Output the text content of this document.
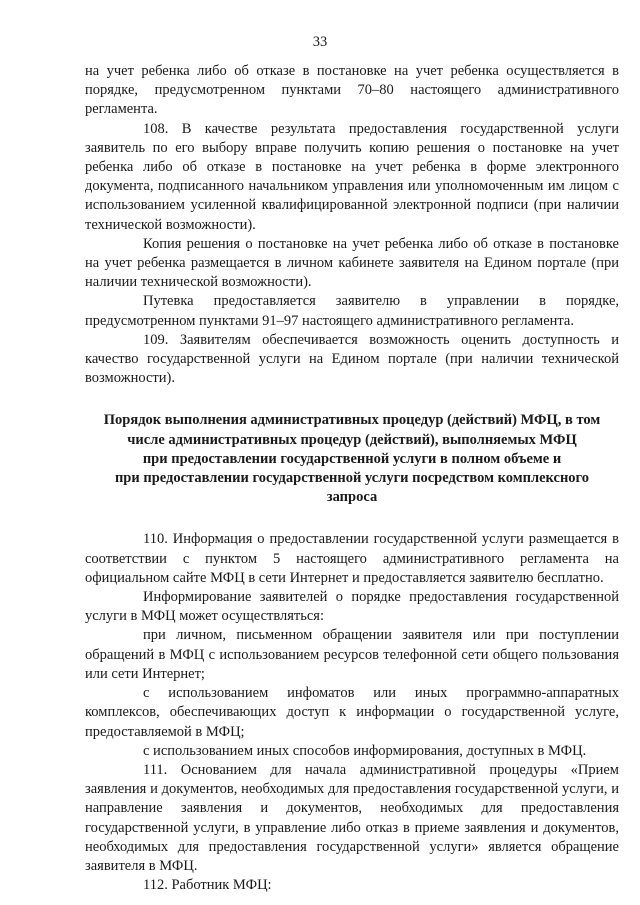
33

на учет ребенка либо об отказе в постановке на учет ребенка осуществляется в порядке, предусмотренном пунктами 70–80 настоящего административного регламента.

108. В качестве результата предоставления государственной услуги заявитель по его выбору вправе получить копию решения о постановке на учет ребенка либо об отказе в постановке на учет ребенка в форме электронного документа, подписанного начальником управления или уполномоченным им лицом с использованием усиленной квалифицированной электронной подписи (при наличии технической возможности).

Копия решения о постановке на учет ребенка либо об отказе в постановке на учет ребенка размещается в личном кабинете заявителя на Едином портале (при наличии технической возможности).

Путевка предоставляется заявителю в управлении в порядке, предусмотренном пунктами 91–97 настоящего административного регламента.

109. Заявителям обеспечивается возможность оценить доступность и качество государственной услуги на Едином портале (при наличии технической возможности).

Порядок выполнения административных процедур (действий) МФЦ, в том
числе административных процедур (действий), выполняемых МФЦ
при предоставлении государственной услуги в полном объеме и
при предоставлении государственной услуги посредством комплексного
запроса

110. Информация о предоставлении государственной услуги размещается в соответствии с пунктом 5 настоящего административного регламента на официальном сайте МФЦ в сети Интернет и предоставляется заявителю бесплатно.

Информирование заявителей о порядке предоставления государственной услуги в МФЦ может осуществляться:

при личном, письменном обращении заявителя или при поступлении обращений в МФЦ с использованием ресурсов телефонной сети общего пользования или сети Интернет;

с использованием инфоматов или иных программно-аппаратных комплексов, обеспечивающих доступ к информации о государственной услуге, предоставляемой в МФЦ;

с использованием иных способов информирования, доступных в МФЦ.

111. Основанием для начала административной процедуры «Прием заявления и документов, необходимых для предоставления государственной услуги, и направление заявления и документов, необходимых для предоставления государственной услуги, в управление либо отказ в приеме заявления и документов, необходимых для предоставления государственной услуги» является обращение заявителя в МФЦ.

112. Работник МФЦ:
